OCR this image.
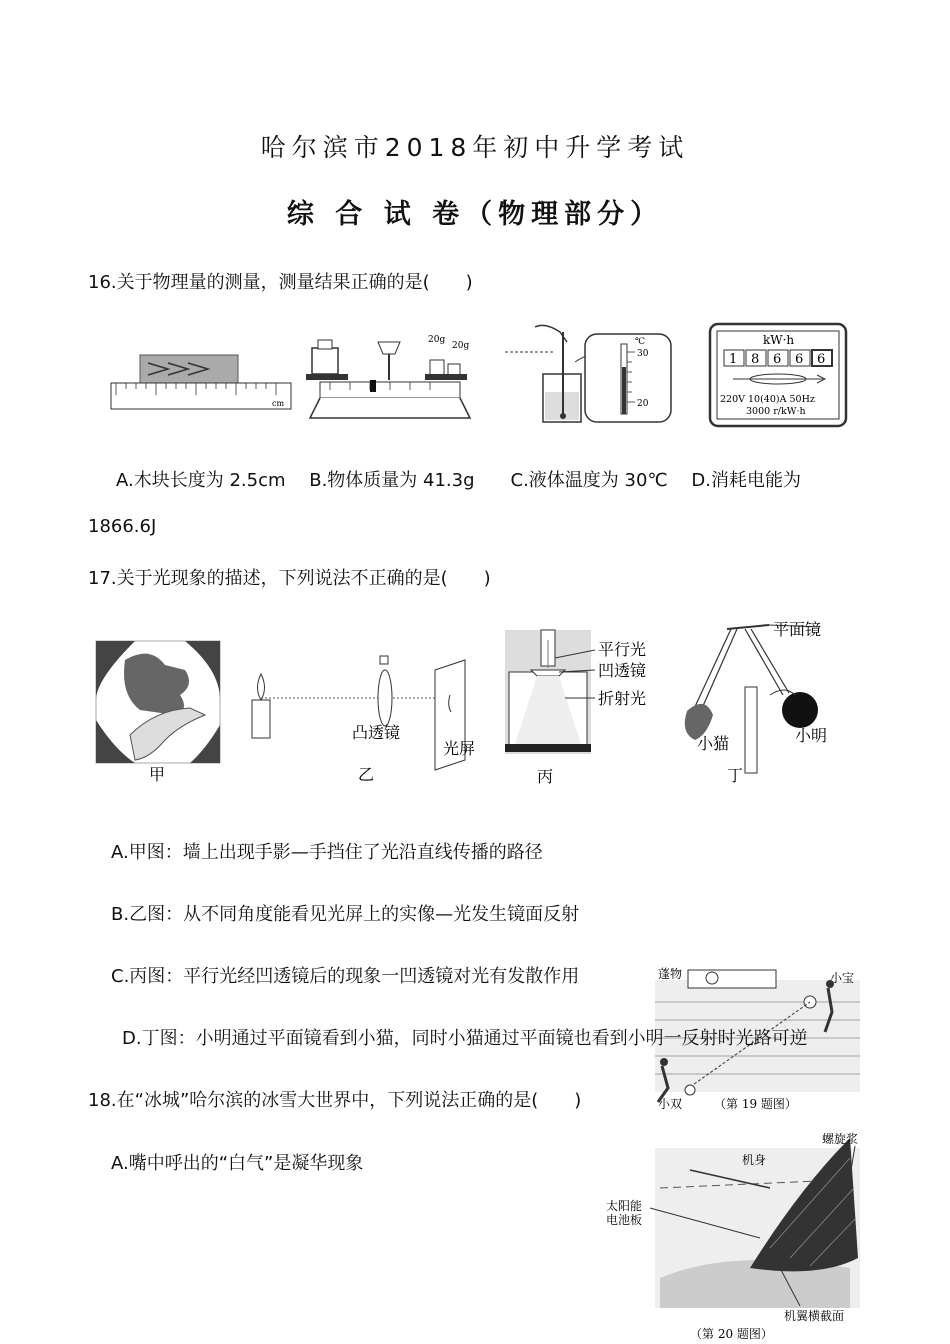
哈尔滨市2018年初中升学考试
综 合 试 卷（物理部分）
16.关于物理量的测量，测量结果正确的是(　　)
cm
20g
20g	℃
30
20
kW·h
1 8 6 6 6
220V 10(40)A 50Hz
3000 r/kW·h
A.木块长度为 2.5cm　 B.物体质量为 41.3g　　C.液体温度为 30℃　 D.消耗电能为
1866.6J
17.关于光现象的描述，下列说法不正确的是(　　)
甲
凸透镜
光屏
乙
平行光
凹透镜
折射光
丙
平面镜
小猫	小明
丁
A.甲图：墙上出现手影—手挡住了光沿直线传播的路径
B.乙图：从不同角度能看见光屏上的实像—光发生镜面反射
C.丙图：平行光经凹透镜后的现象一凹透镜对光有发散作用	蓬物	小宝
小双	（第 19 题图）
D.丁图：小明通过平面镜看到小猫，同时小猫通过平面镜也看到小明一反射时光路可逆
18.在“冰城”哈尔滨的冰雪大世界中，下列说法正确的是(　　)
A.嘴中呼出的“白气”是凝华现象
螺旋浆
机身
太阳能
电池板
机翼横截面
（第 20 题图）
